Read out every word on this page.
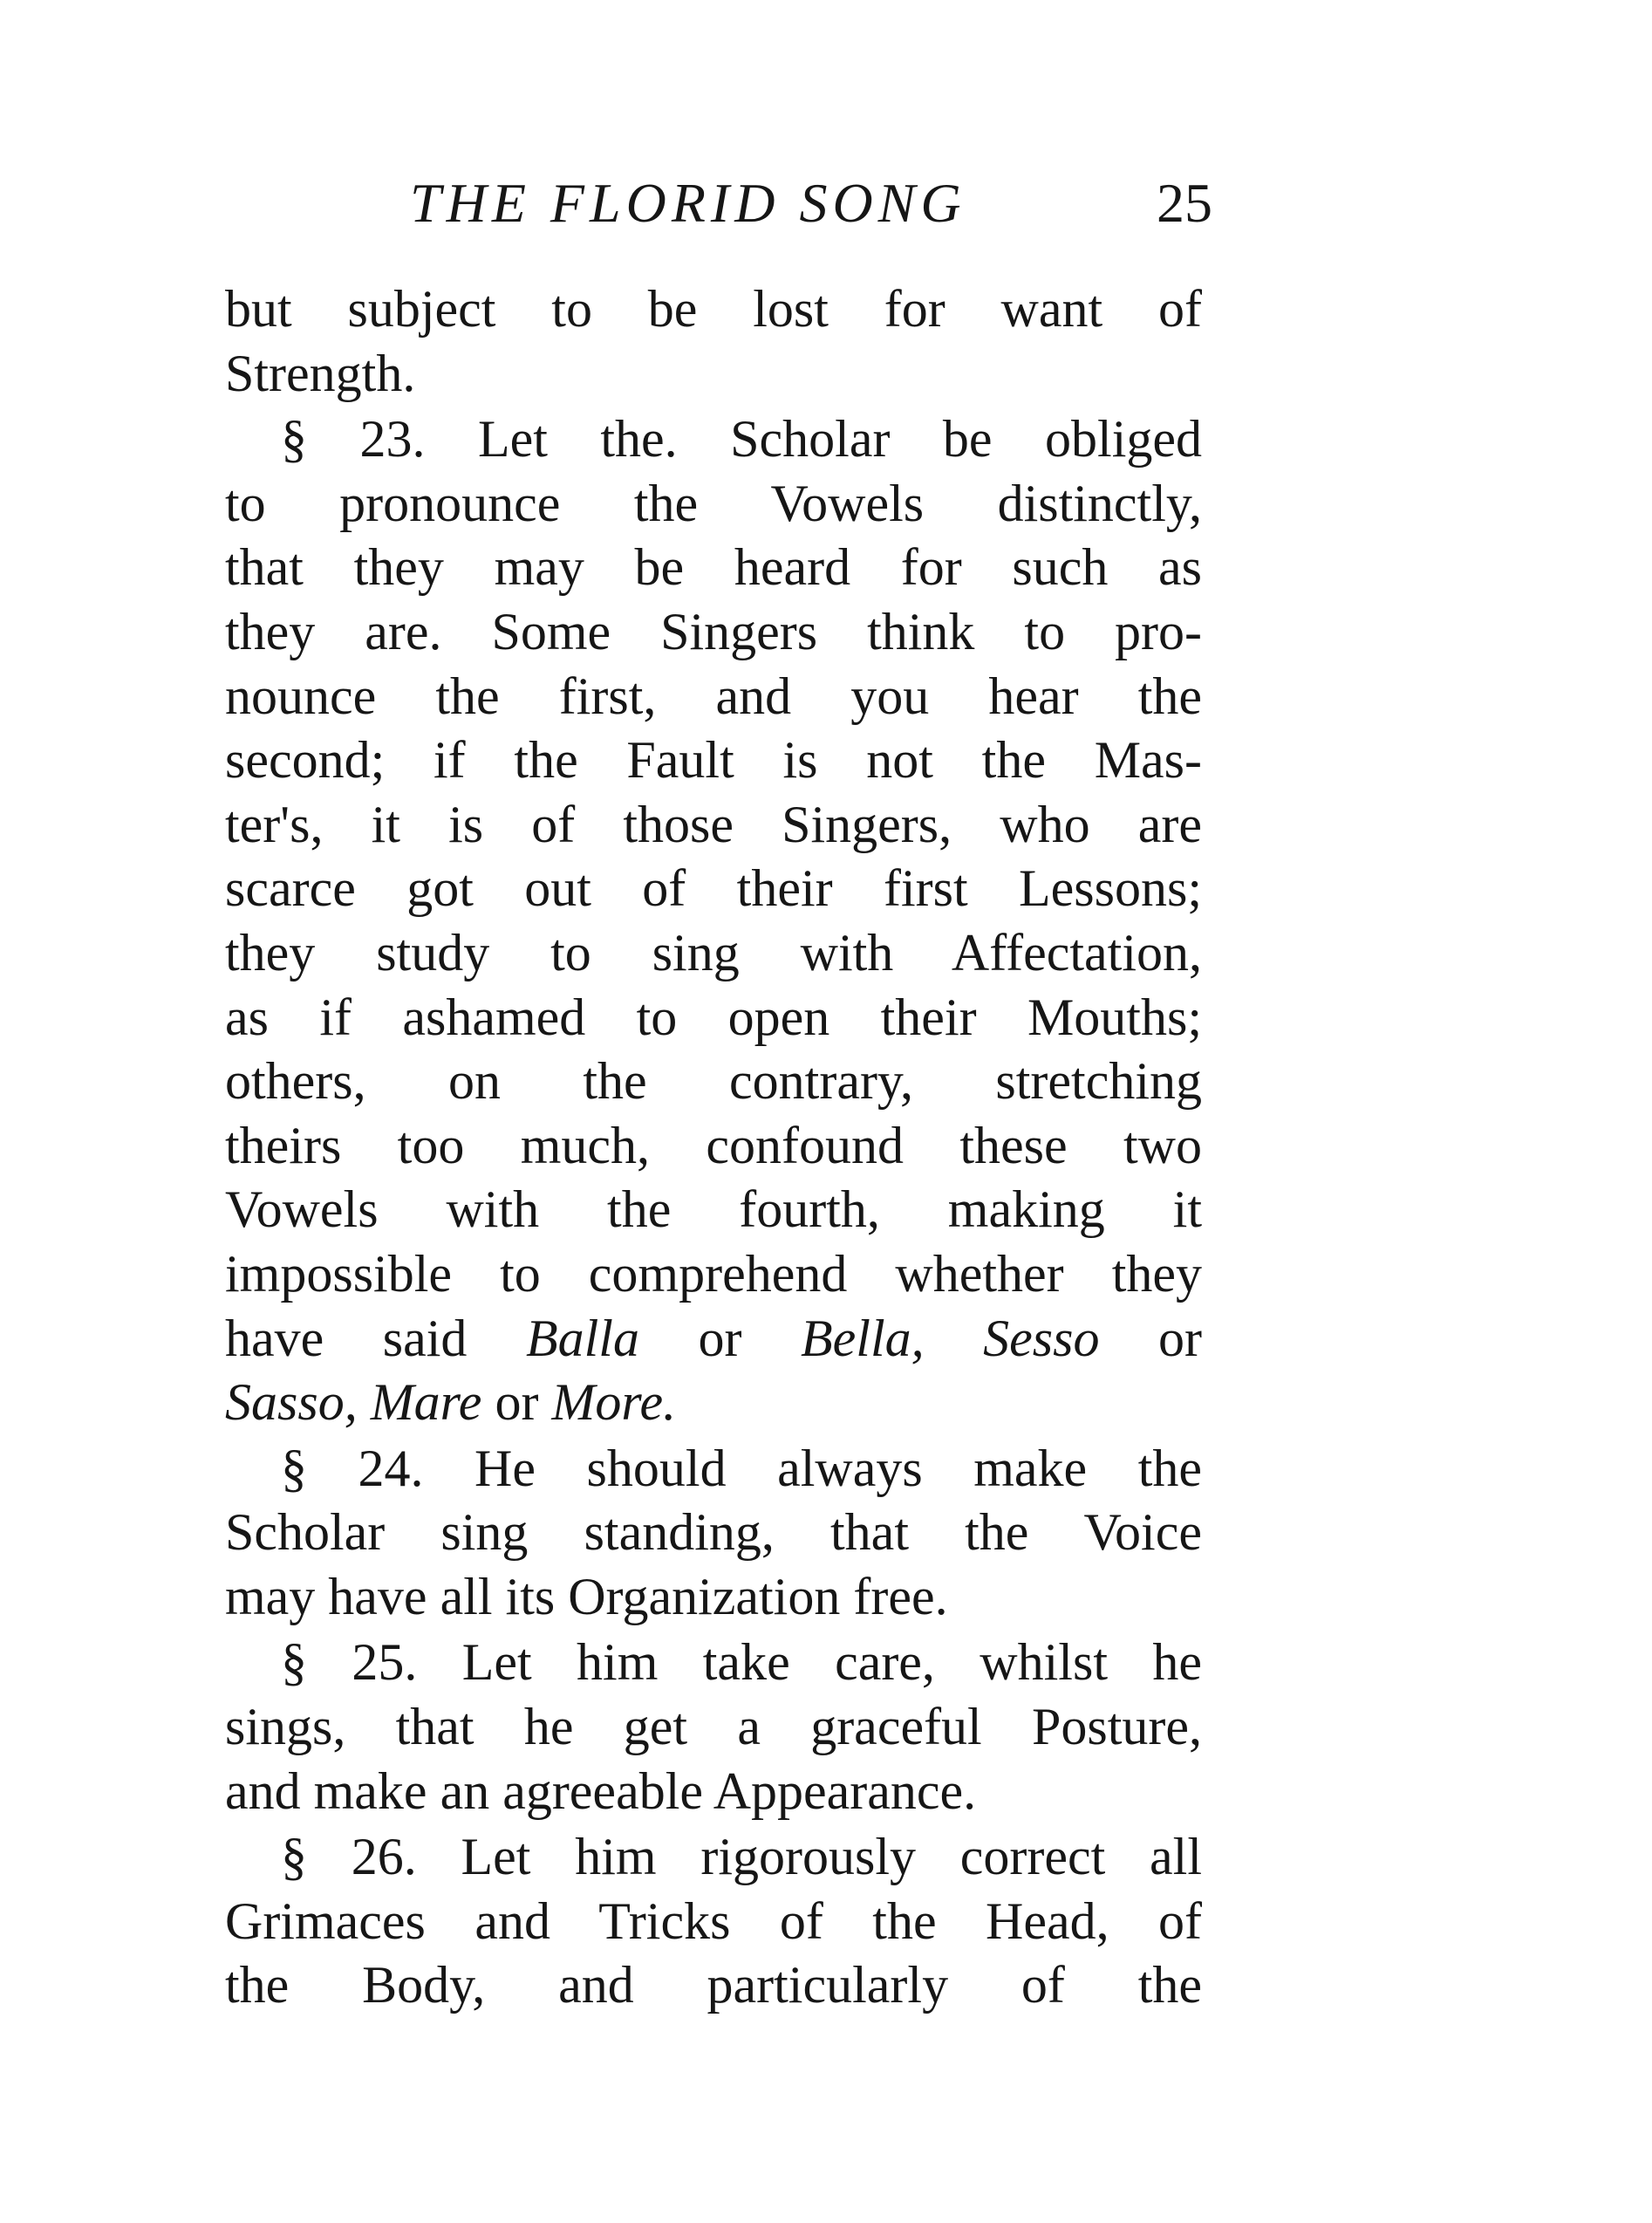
THE FLORID SONG	25
but subject to be lost for want of
Strength.
§ 23. Let the. Scholar be obliged
to pronounce the Vowels distinctly,
that they may be heard for such as
they are. Some Singers think to pro-
nounce the first, and you hear the
second; if the Fault is not the Mas-
ter's, it is of those Singers, who are
scarce got out of their first Lessons;
they study to sing with Affectation,
as if ashamed to open their Mouths;
others, on the contrary, stretching
theirs too much, confound these two
Vowels with the fourth, making it
impossible to comprehend whether they
have said Balla or Bella, Sesso or
Sasso, Mare or More.
§ 24. He should always make the
Scholar sing standing, that the Voice
may have all its Organization free.
§ 25. Let him take care, whilst he
sings, that he get a graceful Posture,
and make an agreeable Appearance.
§ 26. Let him rigorously correct all
Grimaces and Tricks of the Head, of
the Body, and particularly of the
